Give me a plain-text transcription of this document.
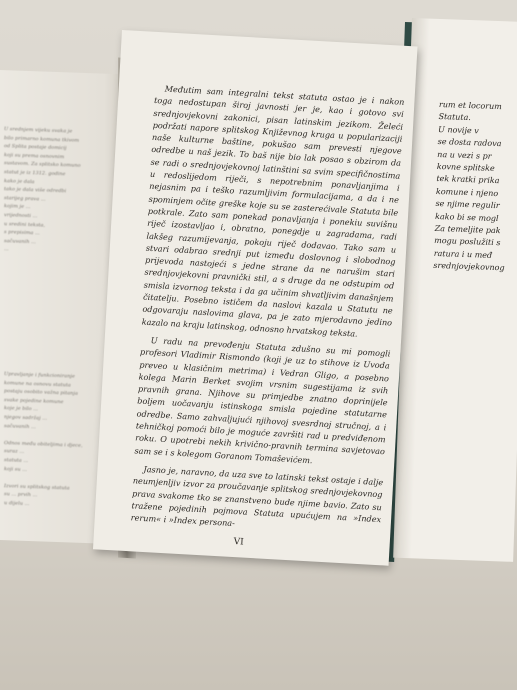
U srednjem vijeku svaka je
bilo primarno komuna tkivom
od Splita postaje domicij
koji su prema osnovnim
sustavom. Za splitsko komuno
statut je iz 1312. godine
kako je dala
tako je dala više odredbi
starijeg prava ...
kojim je ...
vrijednosti ...
u sredini teksta,
s prepisima ...
sačuvanih ...
...
Upravljanje i funkcioniranje
komune na osnovu statuta
postaju osobito važna pitanja
svake pojedine komune
koje je bilo ...
njegov sadržaj ...
sačuvanih ...

Odnos među obiteljima i djece,
suraz ...
statuta ...
koji su ...

Izvori su splitskog statuta
su ... prvih ...
u dijelu ...
rum et locorum
Statuta.
U novije v
se dosta radova
na u vezi s pr
kovne splitske
tek kratki prika
komune i njeno
se njime regulir
kako bi se mogl
Za temeljite pak
mogu poslužiti s
ratura i u međ
srednjovjekovnog

Međutim sam integralni tekst statuta ostao je i nakon toga nedostupan široj javnosti jer je, kao i gotovo svi srednjovjekovni zakonici, pisan latinskim jezikom. Želeći podržati napore splitskog Književnog kruga u popularizaciji naše kulturne baštine, pokušao sam prevesti njegove odredbe u naš jezik. To baš nije bio lak posao s obzirom da se radi o srednjovjekovnoj latinštini sa svim specifičnostima u redoslijedom riječi, s nepotrebnim ponavljanjima i nejasnim pa i teško razumljivim formulacijama, a da i ne spominjem očite greške koje su se zasterećivale Statuta bile potkrale. Zato sam ponekad ponavljanja i ponekiu suvišnu riječ izostavljao i, obratno, ponegdje u zagradama, radi lakšeg razumijevanja, pokoju riječ dodavao. Tako sam u stvari odabrao srednji put između doslovnog i slobodnog prijevoda nastojeći s jedne strane da ne narušim stari srednjovjekovni pravnički stil, a s druge da ne odstupim od smisla izvornog teksta i da ga učinim shvatljivim današnjem čitatelju. Posebno ističem da naslovi kazala u Statutu ne odgovaraju naslovima glava, pa je zato mjerodavno jedino kazalo na kraju latinskog, odnosno hrvatskog teksta.

U radu na prevođenju Statuta zdušno su mi pomogli profesori Vladimir Rismondo (koji je uz to stihove iz Uvoda preveo u klasičnim metrima) i Vedran Gligo, a posebno kolega Marin Berket svojim vrsnim sugestijama iz svih pravnih grana. Njihove su primjedbe znatno doprinijele boljem uočavanju istinskoga smisla pojedine statutarne odredbe. Samo zahvaljujući njihovoj svesrdnoj stručnoj, a i tehničkoj pomoći bilo je moguće završiti rad u predviđenom roku. O upotrebi nekih krivično-pravnih termina savjetovao sam se i s kolegom Goranom Tomaševićem.

Jasno je, naravno, da uza sve to latinski tekst ostaje i dalje neumjenljiv izvor za proučavanje splitskog srednjovjekovnog prava svakome tko se znanstveno bude njime bavio. Zato su tražene pojedinih pojmova Statuta upućujem na »Index rerum« i »Index persona-

VI
